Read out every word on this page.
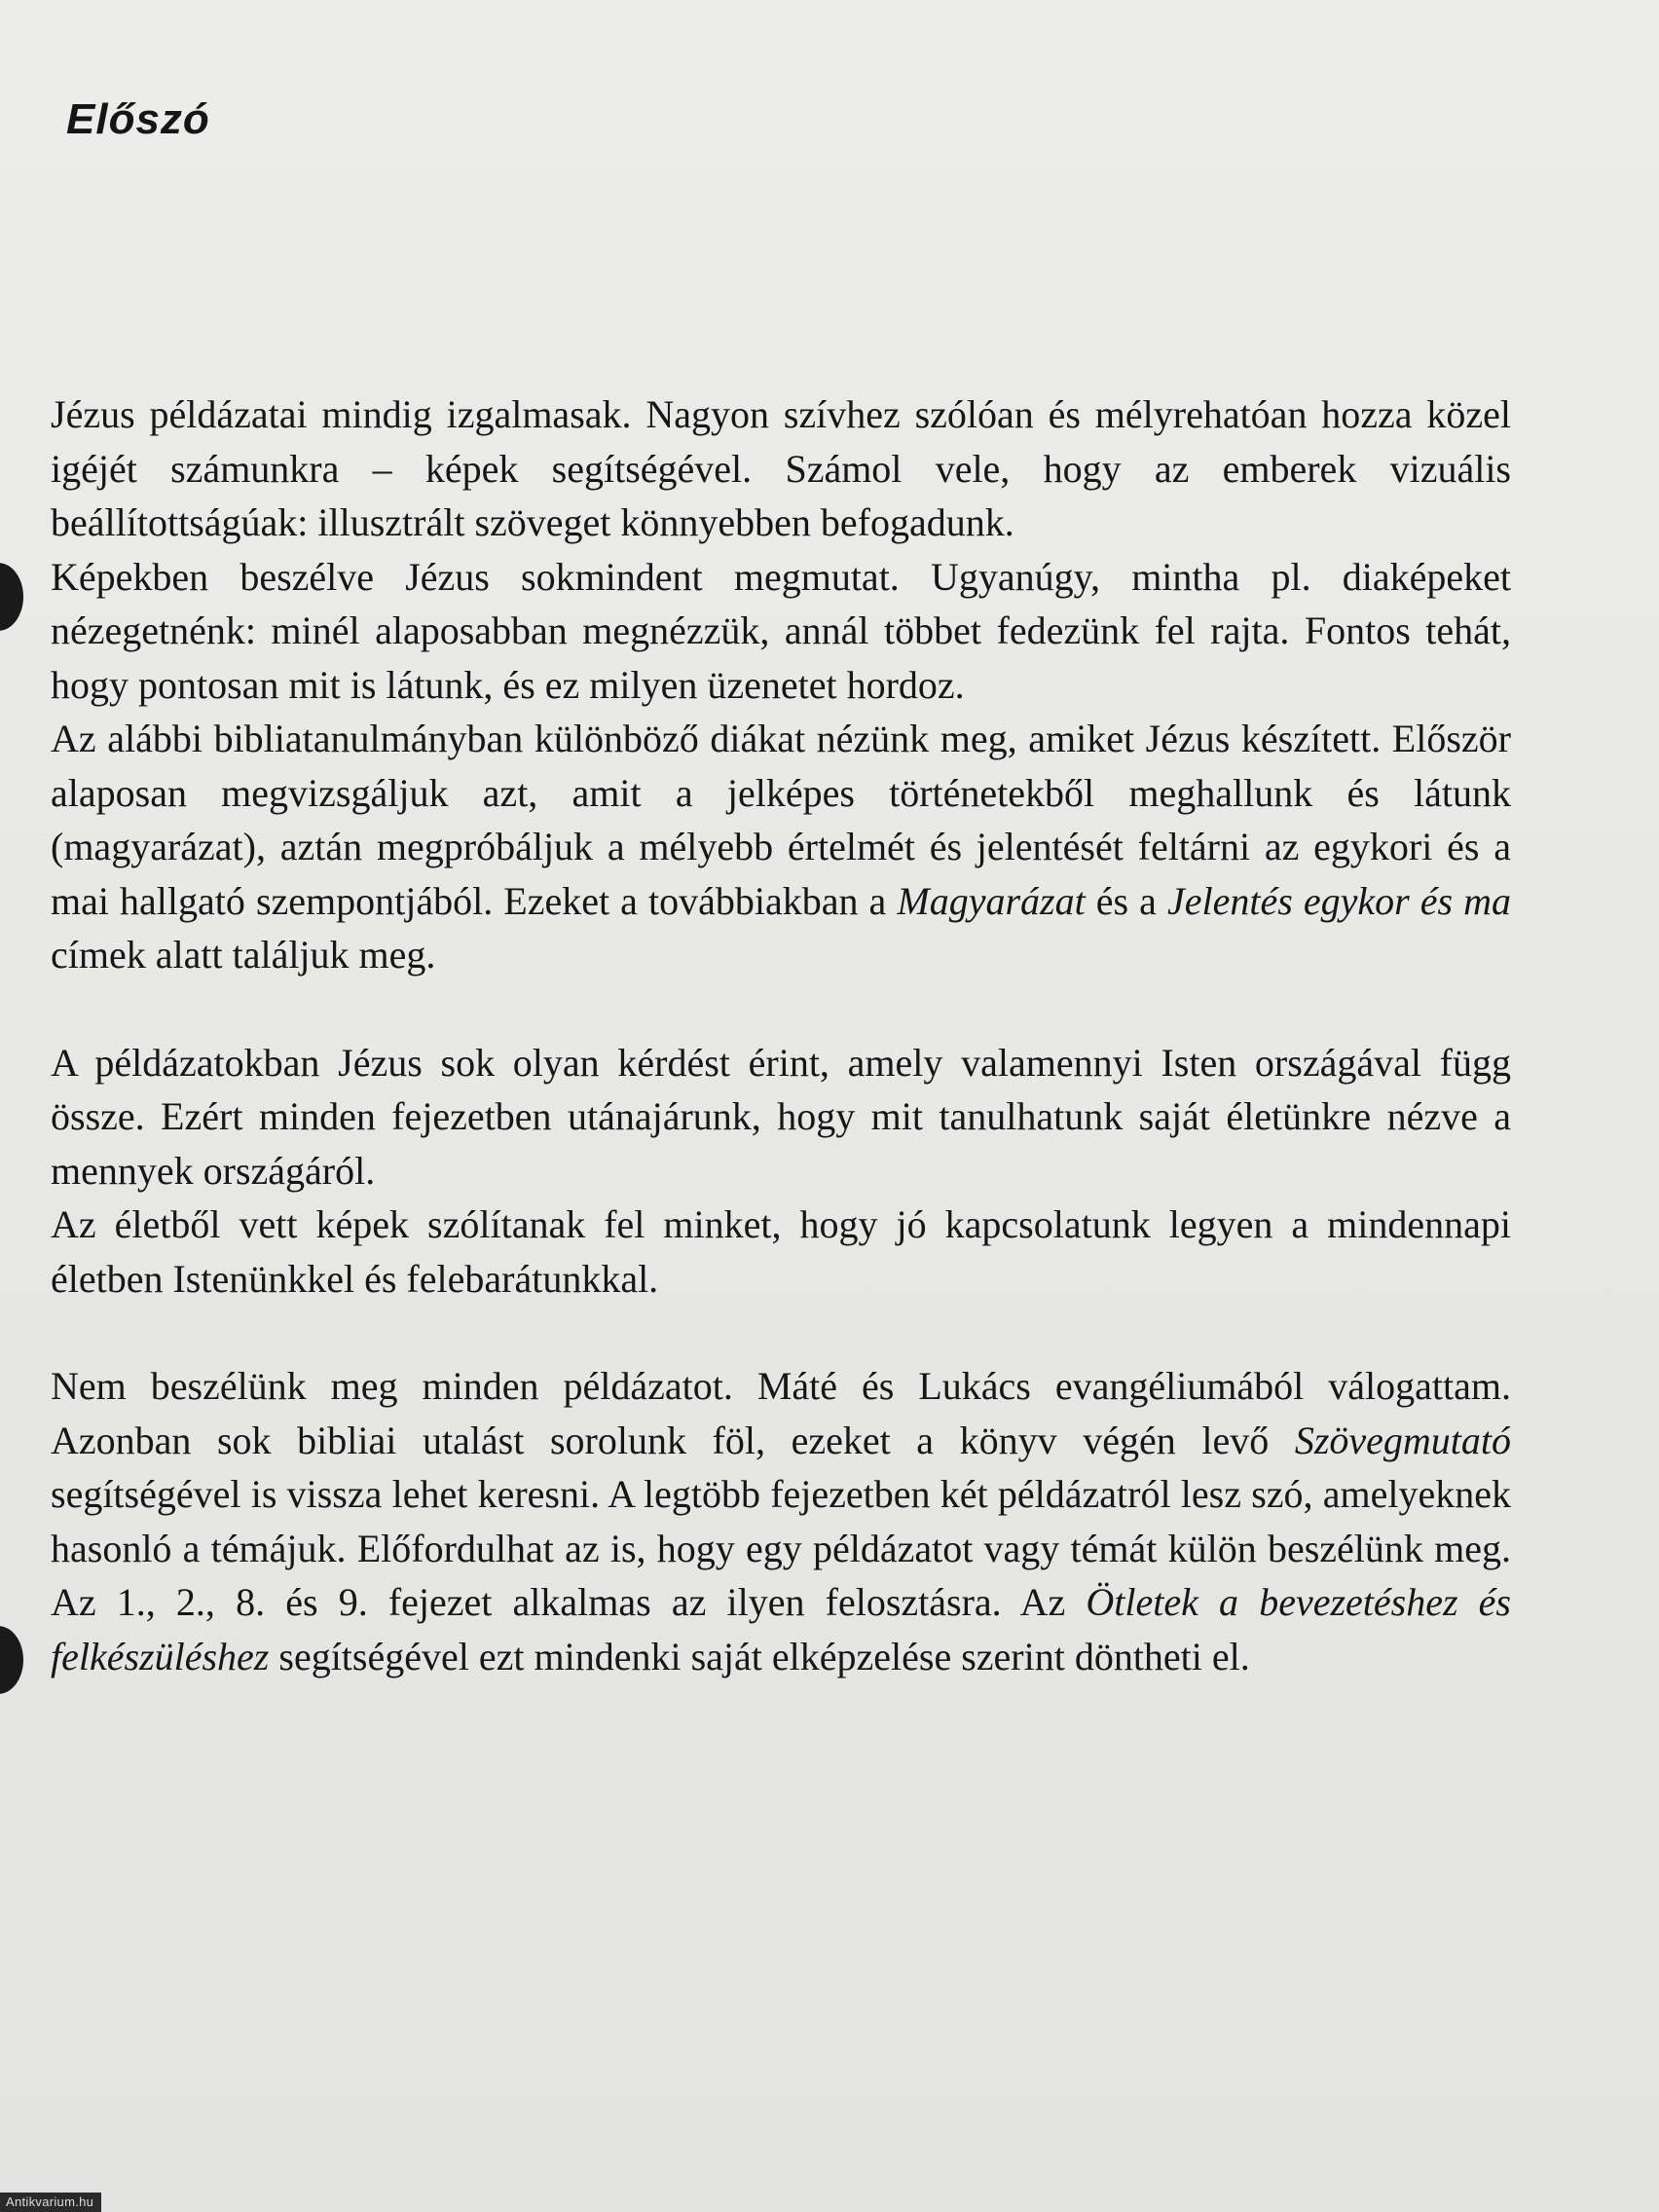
Előszó

Jézus példázatai mindig izgalmasak. Nagyon szívhez szólóan és mélyrehatóan hozza közel igéjét számunkra – képek segítségével. Számol vele, hogy az emberek vizuális beállítottságúak: illusztrált szöveget könnyebben befogadunk.

Képekben beszélve Jézus sokmindent megmutat. Ugyanúgy, mintha pl. diaképeket nézegetnénk: minél alaposabban megnézzük, annál többet fedezünk fel rajta. Fontos tehát, hogy pontosan mit is látunk, és ez milyen üzenetet hordoz.

Az alábbi bibliatanulmányban különböző diákat nézünk meg, amiket Jézus készített. Először alaposan megvizsgáljuk azt, amit a jelképes történetekből meghallunk és látunk (magyarázat), aztán megpróbáljuk a mélyebb értelmét és jelentését feltárni az egykori és a mai hallgató szempontjából. Ezeket a továbbiakban a Magyarázat és a Jelentés egykor és ma címek alatt találjuk meg.

A példázatokban Jézus sok olyan kérdést érint, amely valamennyi Isten országával függ össze. Ezért minden fejezetben utánajárunk, hogy mit tanulhatunk saját életünkre nézve a mennyek országáról.

Az életből vett képek szólítanak fel minket, hogy jó kapcsolatunk legyen a mindennapi életben Istenünkkel és felebarátunkkal.

Nem beszélünk meg minden példázatot. Máté és Lukács evangéliumából válogattam. Azonban sok bibliai utalást sorolunk föl, ezeket a könyv végén levő Szövegmutató segítségével is vissza lehet keresni. A legtöbb fejezetben két példázatról lesz szó, amelyeknek hasonló a témájuk. Előfordulhat az is, hogy egy példázatot vagy témát külön beszélünk meg. Az 1., 2., 8. és 9. fejezet alkalmas az ilyen felosztásra. Az Ötletek a bevezetéshez és felkészüléshez segítségével ezt mindenki saját elképzelése szerint döntheti el.

Antikvarium.hu
